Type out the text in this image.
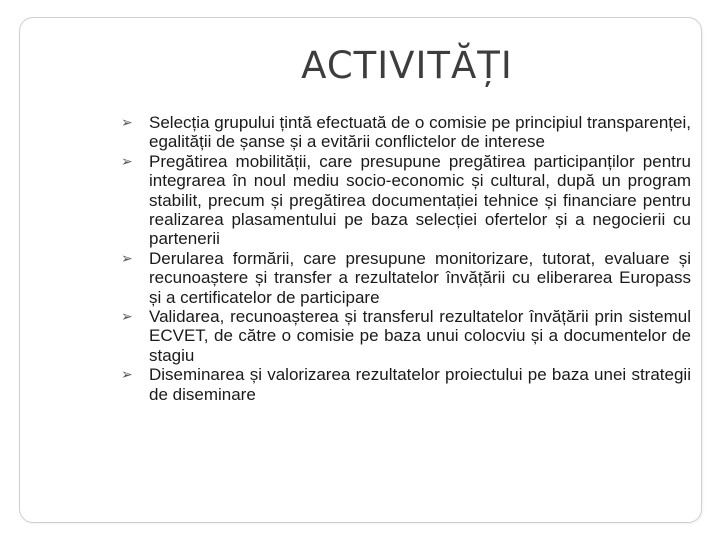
ACTIVITĂȚI
➢ Selecția grupului țintă efectuată de o comisie pe principiul transparenței, egalității de șanse și a evitării conflictelor de interese
➢ Pregătirea mobilității, care presupune pregătirea participanților pentru integrarea în noul mediu socio-economic și cultural, după un program stabilit, precum și pregătirea documentației tehnice și financiare pentru realizarea plasamentului pe baza selecției ofertelor și a negocierii cu partenerii
➢ Derularea formării, care presupune monitorizare, tutorat, evaluare și recunoaștere și transfer a rezultatelor învățării cu eliberarea Europass și a certificatelor de participare
➢ Validarea, recunoașterea și transferul rezultatelor învățării prin sistemul ECVET, de către o comisie pe baza unui colocviu și a documentelor de stagiu
➢ Diseminarea și valorizarea rezultatelor proiectului pe baza unei strategii de diseminare
